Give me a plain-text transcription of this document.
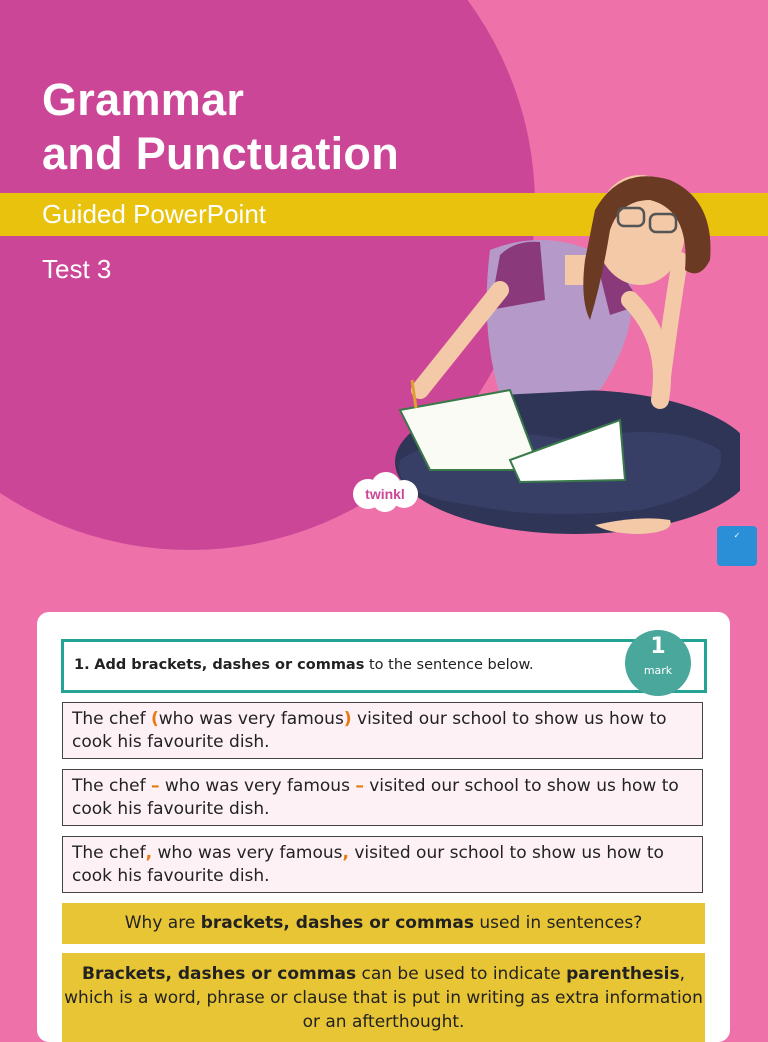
Grammar
and Punctuation
Guided PowerPoint
Test 3
twinkl
✓
1. Add brackets, dashes or commas to the sentence below.
1
mark
The chef (who was very famous) visited our school to show us how to cook his favourite dish.
The chef – who was very famous – visited our school to show us how to cook his favourite dish.
The chef, who was very famous, visited our school to show us how to cook his favourite dish.
Why are brackets, dashes or commas used in sentences?
Brackets, dashes or commas can be used to indicate parenthesis, which is a word, phrase or clause that is put in writing as extra information or an afterthought.
